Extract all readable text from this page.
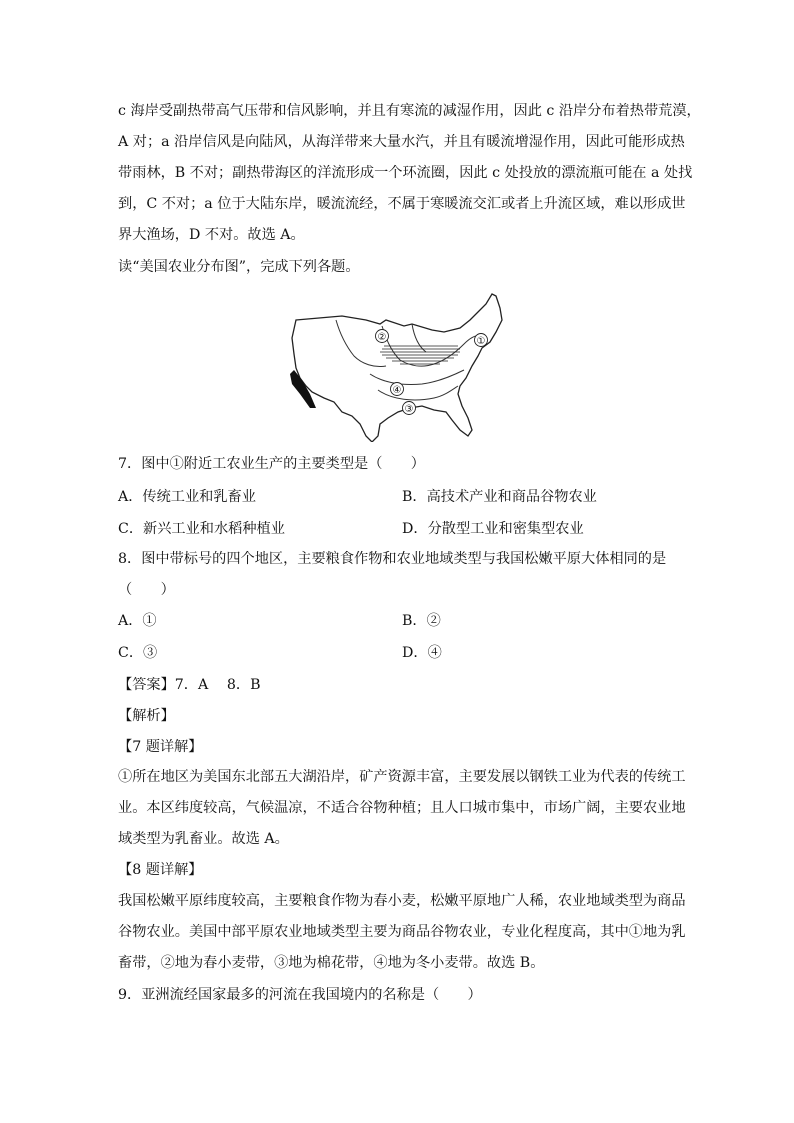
c 海岸受副热带高气压带和信风影响，并且有寒流的减湿作用，因此 c 沿岸分布着热带荒漠，
A 对；a 沿岸信风是向陆风，从海洋带来大量水汽，并且有暖流增湿作用，因此可能形成热
带雨林，B 不对；副热带海区的洋流形成一个环流圈，因此 c 处投放的漂流瓶可能在 a 处找
到，C 不对；a 位于大陆东岸，暖流流经，不属于寒暖流交汇或者上升流区域，难以形成世
界大渔场，D 不对。故选 A。
读“美国农业分布图”，完成下列各题。
①
②
③
④
7．图中①附近工农业生产的主要类型是（　　）
A．传统工业和乳畜业	B．高技术产业和商品谷物农业
C．新兴工业和水稻种植业	D．分散型工业和密集型农业
8．图中带标号的四个地区，主要粮食作物和农业地域类型与我国松嫩平原大体相同的是
（　　）
A．①	B．②
C．③	D．④
【答案】7．A　 8．B
【解析】
【7 题详解】
①所在地区为美国东北部五大湖沿岸，矿产资源丰富，主要发展以钢铁工业为代表的传统工
业。本区纬度较高，气候温凉，不适合谷物种植；且人口城市集中，市场广阔，主要农业地
域类型为乳畜业。故选 A。
【8 题详解】
我国松嫩平原纬度较高，主要粮食作物为春小麦，松嫩平原地广人稀，农业地域类型为商品
谷物农业。美国中部平原农业地域类型主要为商品谷物农业，专业化程度高，其中①地为乳
畜带，②地为春小麦带，③地为棉花带，④地为冬小麦带。故选 B。
9．亚洲流经国家最多的河流在我国境内的名称是（　　）
